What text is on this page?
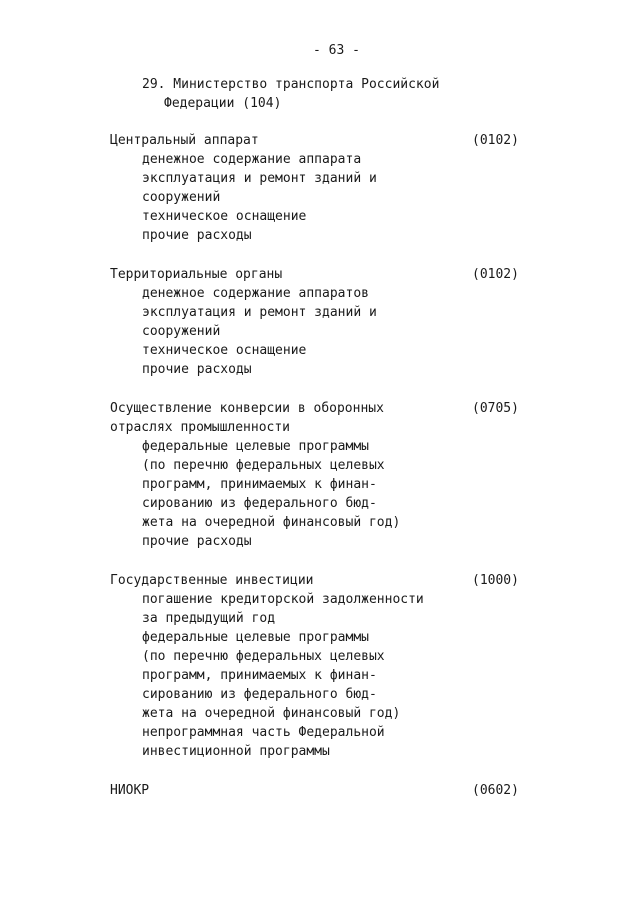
- 63 -
29. Министерство транспорта Российской
Федерации (104)
Центральный аппарат	(0102)
денежное содержание аппарата
эксплуатация и ремонт зданий и
сооружений
техническое оснащение
прочие расходы
Территориальные органы	(0102)
денежное содержание аппаратов
эксплуатация и ремонт зданий и
сооружений
техническое оснащение
прочие расходы
Осуществление конверсии в оборонных	(0705)
отраслях промышленности
федеральные целевые программы
(по перечню федеральных целевых
программ, принимаемых к финан-
сированию из федерального бюд-
жета на очередной финансовый год)
прочие расходы
Государственные инвестиции	(1000)
погашение кредиторской задолженности
за предыдущий год
федеральные целевые программы
(по перечню федеральных целевых
программ, принимаемых к финан-
сированию из федерального бюд-
жета на очередной финансовый год)
непрограммная часть Федеральной
инвестиционной программы
НИОКР	(0602)
